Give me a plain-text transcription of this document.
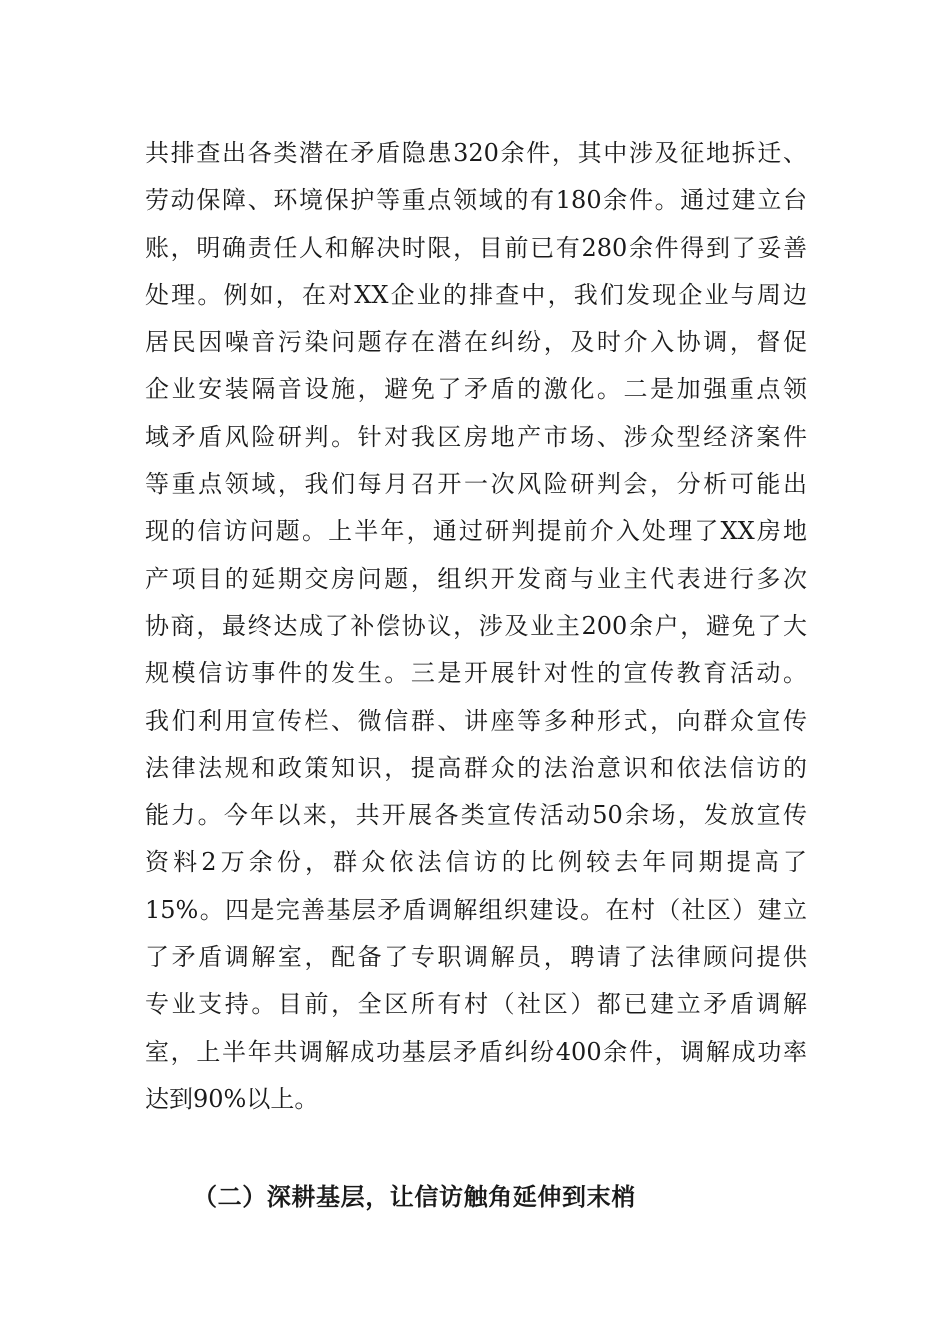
共排查出各类潜在矛盾隐患320余件，其中涉及征地拆迁、
劳动保障、环境保护等重点领域的有180余件。通过建立台
账，明确责任人和解决时限，目前已有280余件得到了妥善
处理。例如，在对XX企业的排查中，我们发现企业与周边
居民因噪音污染问题存在潜在纠纷，及时介入协调，督促
企业安装隔音设施，避免了矛盾的激化。二是加强重点领
域矛盾风险研判。针对我区房地产市场、涉众型经济案件
等重点领域，我们每月召开一次风险研判会，分析可能出
现的信访问题。上半年，通过研判提前介入处理了XX房地
产项目的延期交房问题，组织开发商与业主代表进行多次
协商，最终达成了补偿协议，涉及业主200余户，避免了大
规模信访事件的发生。三是开展针对性的宣传教育活动。
我们利用宣传栏、微信群、讲座等多种形式，向群众宣传
法律法规和政策知识，提高群众的法治意识和依法信访的
能力。今年以来，共开展各类宣传活动50余场，发放宣传
资料2万余份，群众依法信访的比例较去年同期提高了
15%。四是完善基层矛盾调解组织建设。在村（社区）建立
了矛盾调解室，配备了专职调解员，聘请了法律顾问提供
专业支持。目前，全区所有村（社区）都已建立矛盾调解
室，上半年共调解成功基层矛盾纠纷400余件，调解成功率
达到90%以上。
（二）深耕基层，让信访触角延伸到末梢
